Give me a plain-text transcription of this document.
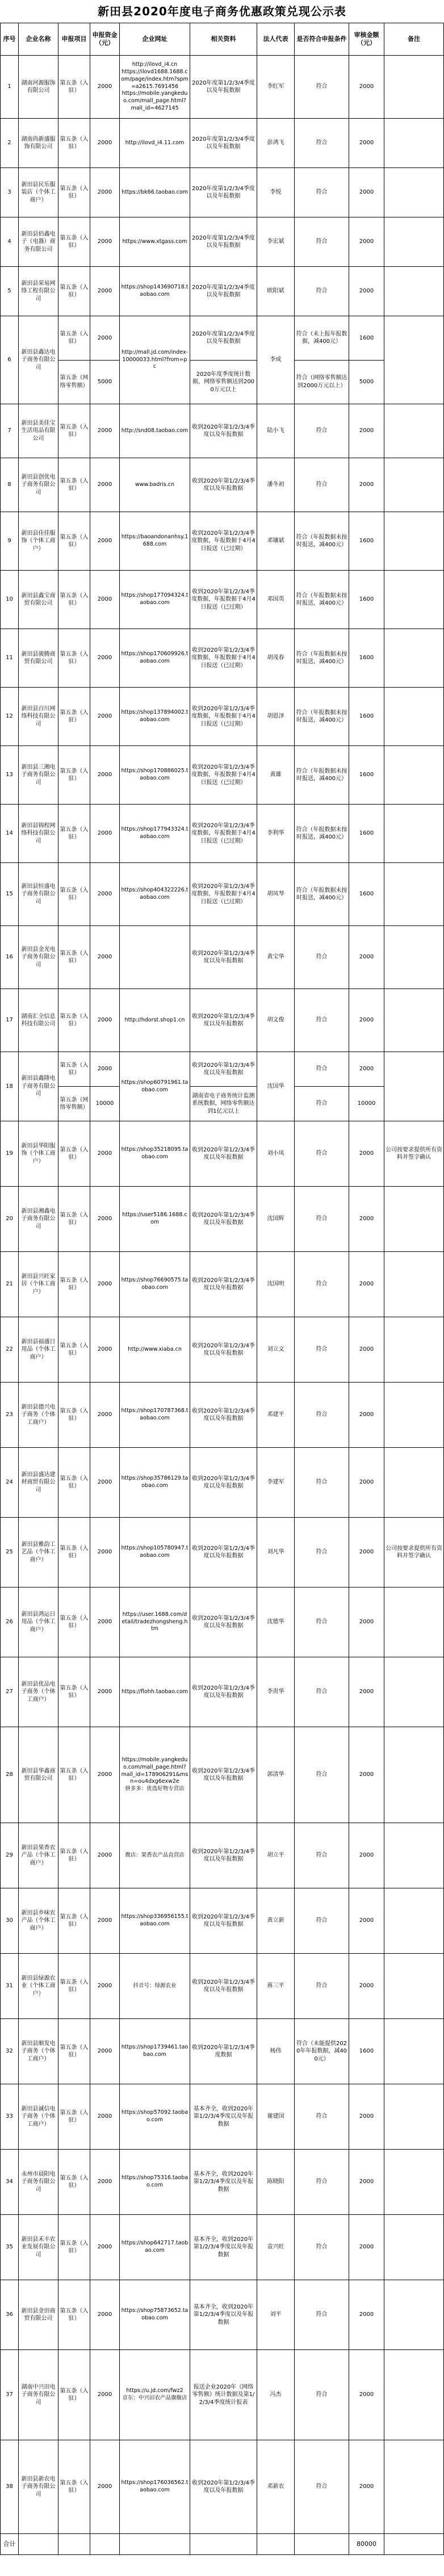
新田县2020年度电子商务优惠政策兑现公示表
序号	企业名称	申报项目	申报资金（元）	企业网址	相关资料	法人代表	是否符合申报条件	审核金额（元）	备注
1	湖南河源服饰有限公司	第五条（入驻）	2000	http://ilovd_i4.cn
https://ilovd1688.1688.com/page/index.htm?spm=a2615.7691456
https://mobile.yangkeduo.com/mall_page.html?mall_id=4627145	2020年度第1/2/3/4季度以及年报数据	李红军	符合	2000	
2	湖南尚新盛服饰有限公司	第五条（入驻）	2000	http://ilovd_i4.11.com	2020年度第1/2/3/4季度以及年报数据	彭鸿飞	符合	2000	
3	新田县民乐服装店（个体工商户）	第五条（入驻）	2000	https://bk66.taobao.com	2020年度第1/2/3/4季度以及年报数据	李悦	符合	2000	
4	新田县佰鑫电子（电器）商务有限公司	第五条（入驻）	2000	https://www.xtgass.com	2020年度第1/2/3/4季度以及年报数据	李宏斌	符合	2000	
5	新田县荣易网络工程有限公司	第五条（入驻）	2000	https://shop143690718.taobao.com	2020年度第1/2/3/4季度以及年报数据	欧阳斌	符合	2000	
6	新田县鑫达电子商务有限公司	第五条（入驻）	2000	http://mall.jd.com/index-10000033.html?from=pc	2020年度第1/2/3/4季度以及年报数据	李成	符合（未上报年报数据，减400元）	1600	
		第五条（网络零售额）	5000		2020年度季度统计数据，网络零售额达到2000万元以上		符合（网络零售额达到2000万元以上）	5000	
7	新田县美佳宝生活用品有限公司	第五条（入驻）	2000	http://snd08.taobao.com	收到2020年第1/2/3/4季度以及年报数据	陆小飞	符合	2000	
8	新田县创优电子商务有限公司	第五条（入驻）	2000	www.badris.cn	收到2020年第1/2/3/4季度以及年报数据	潘冬初	符合	2000	
9	新田县佳佳服饰（个体工商户）	第五条（入驻）	2000	https://baoandonanhsy.1688.com	收到2020年第1/2/3/4季度数据，年报数据于4月4日报送（已过期）	邓镶斌	符合（年报数据未按时报送，减400元）	1600	
10	新田县鑫宝商贸有限公司	第五条（入驻）	2000	https://shop177094324.taobao.com	收到2020年第1/2/3/4季度数据，年报数据于4月4日报送（已过期）	邓国英	符合（年报数据未按时报送，减400元）	1600	
11	新田县骏腾商贸有限公司	第五条（入驻）	2000	https://shop170609926.taobao.com	收到2020年第1/2/3/4季度数据，年报数据于4月4日报送（已过期）	胡茂春	符合（年报数据未按时报送，减400元）	1600	
12	新田县百川网络科技有限公司	第五条（入驻）	2000	https://shop137894002.taobao.com	收到2020年第1/2/3/4季度数据，年报数据于4月4日报送（已过期）	胡恩泽	符合（年报数据未按时报送，减400元）	1600	
13	新田县三湘电子商务有限公司	第五条（入驻）	2000	https://shop170886025.taobao.com	收到2020年第1/2/3/4季度数据，年报数据于4月4日报送（已过期）	黄雄	符合（年报数据未按时报送，减400元）	1600	
14	新田县锦程网络科技有限公司	第五条（入驻）	2000	https://shop177943324.taobao.com	收到2020年第1/2/3/4季度数据，年报数据于4月4日报送（已过期）	李利华	符合（年报数据未按时报送，减400元）	1600	
15	新田县恒盛电子商务有限公司	第五条（入驻）	2000	https://shop404322226.taobao.com	收到2020年第1/2/3/4季度数据，年报数据于4月4日报送（已过期）	胡凤琴	符合（年报数据未按时报送，减400元）	1600	
16	新田县金光电子商务有限公司	第五条（入驻）	2000		收到2020年第1/2/3/4季度以及年报数据	黄宝华	符合	2000	
17	湖南汇全信息科技有限公司	第五条（入驻）	2000	http://hdorst.shop1.cn	收到2020年第1/2/3/4季度以及年报数据	胡文俊	符合	2000	
18	新田县鑫隆电子商务有限公司	第五条（入驻）	2000	https://shop60791961.taobao.com	收到2020年第1/2/3/4季度以及年报数据	沈国华	符合	2000	
		第五条（网络零售额）	10000		湖南省电子商务统计监测系统数据，网络零售额达到1亿元以上		符合	10000	
19	新田县华阳服饰（个体工商户）	第五条（入驻）	2000	https://shop35218095.taobao.com	收到2020年第1/2/3/4季度以及年报数据	刘小凤	符合	2000	公司按要求提供所有资料并签字确认
20	新田县湘鑫电子商务有限公司	第五条（入驻）	2000	https://user5186.1688.com	收到2020年第1/2/3/4季度以及年报数据	沈国辉	符合	2000	
21	新田县兴旺家居（个体工商户）	第五条（入驻）	2000	https://shop76690575.taobao.com	收到2020年第1/2/3/4季度以及年报数据	沈国明	符合	2000	
22	新田县福盛日用品（个体工商户）	第五条（入驻）	2000	http://www.xiaba.cn	收到2020年第1/2/3/4季度以及年报数据	刘立文	符合	2000	
23	新田县德兴电子商务（个体工商户）	第五条（入驻）	2000	https://shop170787368.taobao.com	收到2020年第1/2/3/4季度以及年报数据	邓建平	符合	2000	
24	新田县盛达建材商贸有限公司	第五条（入驻）	2000	https://shop35786129.taobao.com	收到2020年第1/2/3/4季度以及年报数据	李建军	符合	2000	
25	新田县雅韵工艺品（个体工商户）	第五条（入驻）	2000	https://shop105780947.taobao.com	收到2020年第1/2/3/4季度以及年报数据	刘凡华	符合	2000	公司按要求提供所有资料并签字确认
26	新田县鸿运日用品（个体工商户）	第五条（入驻）	2000	https://user.1688.com/detail/tradezhongsheng.htm	收到2020年第1/2/3/4季度以及年报数据	沈德华	符合	2000	
27	新田县优品电子商务（个体工商户）	第五条（入驻）	2000	https://flohh.taobao.com	收到2020年第1/2/3/4季度以及年报数据	李贵华	符合	2000	
28	新田县华鑫商贸有限公司	第五条（入驻）	2000	https://mobile.yangkeduo.com/mall_page.html?mall_id=178906291&msn=ou4dxg6exw2e
拼多多：优选好物专营店	收到2020年第1/2/3/4季度以及年报数据	郭清华	符合	2000	
29	新田县果香农产品（个体工商户）	第五条（入驻）	2000	微店：果香农产品直营店	收到2020年第1/2/3/4季度以及年报数据	胡立平	符合	2000	
30	新田县乡味农产品（个体工商户）	第五条（入驻）	2000	https://shop336956155.taobao.com	收到2020年第1/2/3/4季度以及年报数据	黄立新	符合	2000	
31	新田县绿源农业（个体工商户）	第五条（入驻）	2000	抖音号：绿源农业	收到2020年第1/2/3/4季度以及年报数据	蒋三平	符合	2000	
32	新田县顺发电子商务（个体工商户）	第五条（入驻）	2000	https://shop1739461.taobao.com	收到2020年第1/2/3/4季度数据	杨伟	符合（未能提供2020年年报数据，减400元）	1600	
33	新田县诚信电子商务（个体工商户）	第五条（入驻）	2000	https://shop57092.taobao.com	基本齐全，收到2020年第1/2/3/4季度以及年报数据	谢建国	符合	2000	
34	永州市晨阳电子商务有限公司	第五条（入驻）	2000	https://shop75316.taobao.com	基本齐全，收到2020年第1/2/3/4季度以及年报数据	陈晓阳	符合	2000	
35	新田县禾丰农业发展有限公司	第五条（入驻）	2000	https://shop642717.taobao.com	基本齐全，收到2020年第1/2/3/4季度以及年报数据	袁兴旺	符合	2000	
36	新田县金田商贸有限公司	第五条（入驻）	2000	https://shop75873652.taobao.com	基本齐全，收到2020年第1/2/3/4季度以及年报数据	刘平	符合	2000	
37	湖南中兴田电子商务有限公司	第五条（入驻）	2000	https://u.jd.com/fwz2
京东：中兴田农产品旗舰店	报送企业2020年《网络零售额》统计数据及第1/2/3/4季度统计报表	冯杰	符合	2000	
38	新田县新农电子商务有限公司	第五条（入驻）	2000	https://shop176036562.taobao.com	收到2020年第1/2/3/4季度以及年报数据	邓新农	符合	2000	
合计								80000	
